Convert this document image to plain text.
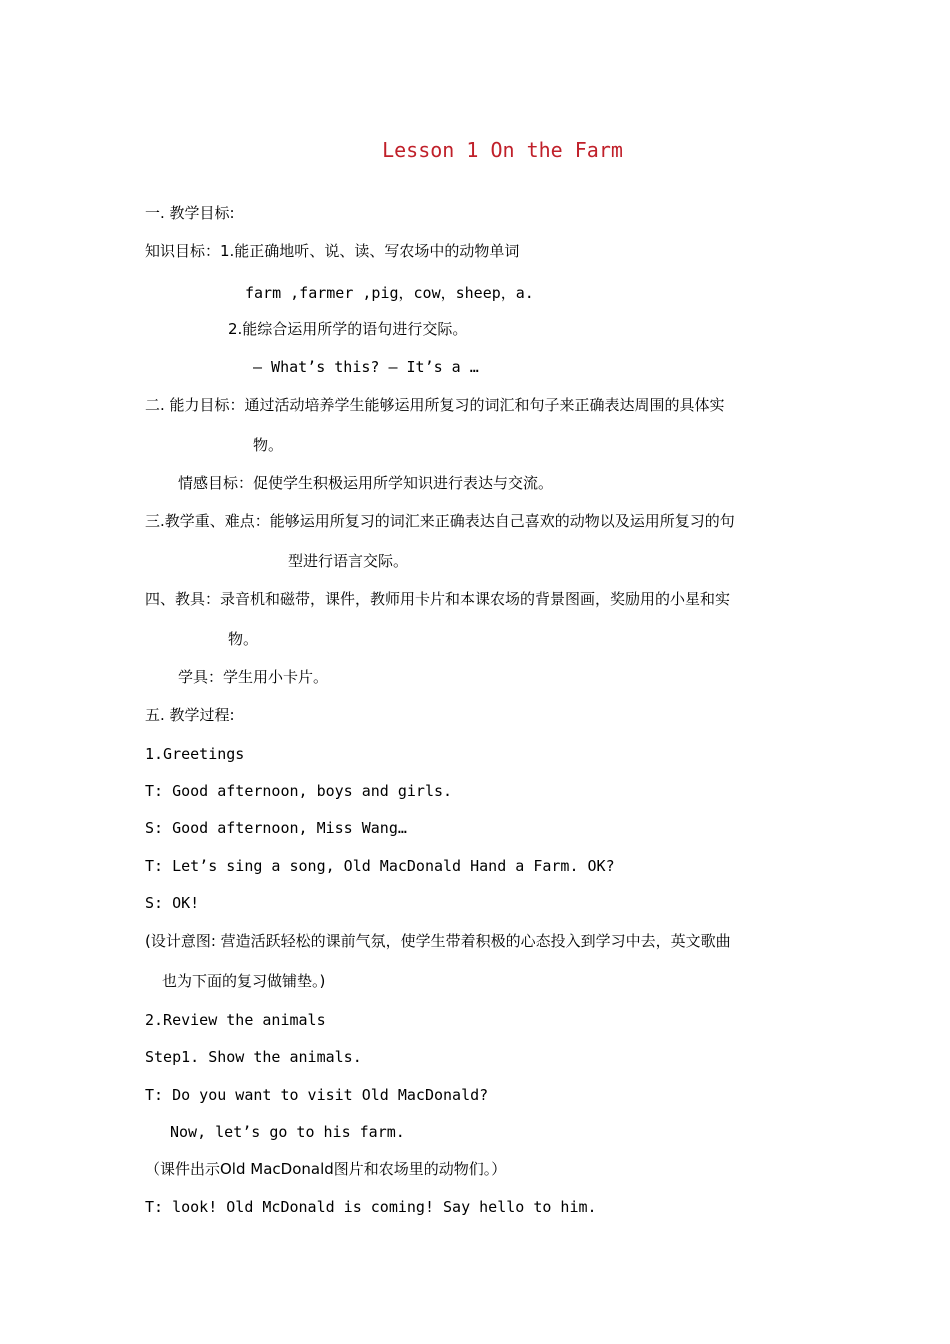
Lesson 1 On the Farm
一. 教学目标:
知识目标：1.能正确地听、说、读、写农场中的动物单词
farm ,farmer ,pig，cow，sheep，a.
2.能综合运用所学的语句进行交际。
— What’s this? — It’s a …
二. 能力目标：通过活动培养学生能够运用所复习的词汇和句子来正确表达周围的具体实
物。
情感目标：促使学生积极运用所学知识进行表达与交流。
三.教学重、难点：能够运用所复习的词汇来正确表达自己喜欢的动物以及运用所复习的句
型进行语言交际。
四、教具：录音机和磁带，课件，教师用卡片和本课农场的背景图画，奖励用的小星和实
物。
学具：学生用小卡片。
五. 教学过程:
1.Greetings
T: Good afternoon, boys and girls.
S: Good afternoon, Miss Wang…
T: Let’s sing a song, Old MacDonald Hand a Farm. OK?
S: OK!
(设计意图: 营造活跃轻松的课前气氛，使学生带着积极的心态投入到学习中去，英文歌曲
也为下面的复习做铺垫。)
2.Review the animals
Step1. Show the animals.
T: Do you want to visit Old MacDonald?
Now, let’s go to his farm.
（课件出示Old MacDonald图片和农场里的动物们。）
T: look! Old McDonald is coming! Say hello to him.
